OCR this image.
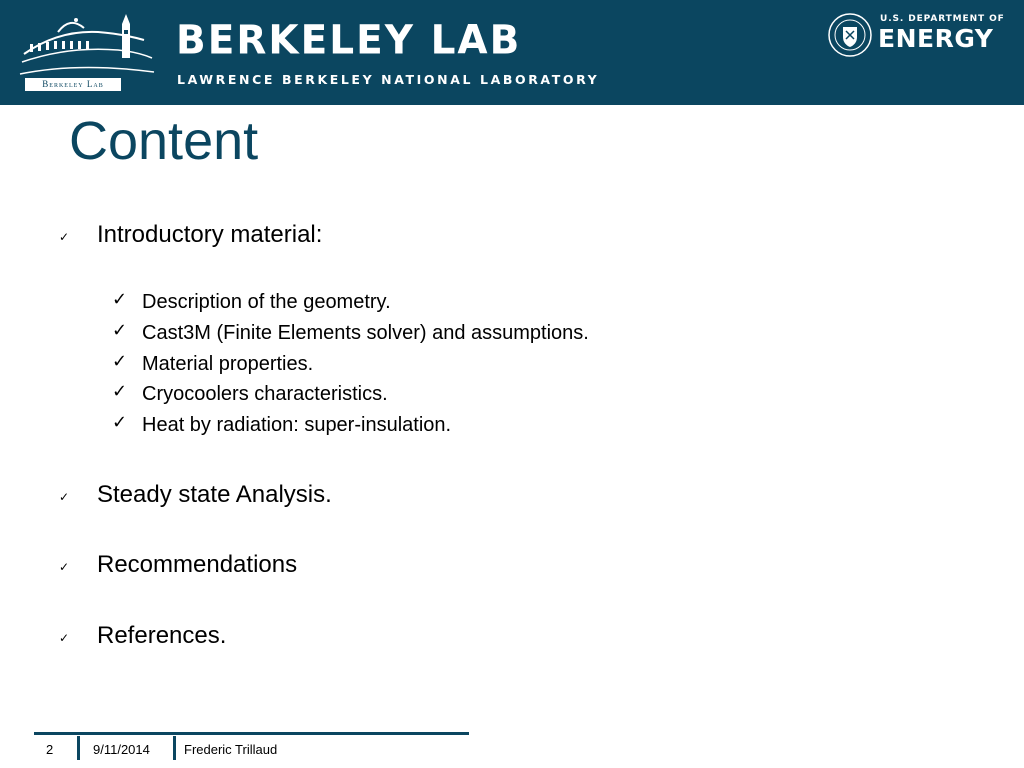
Berkeley Lab
BERKELEY LAB
LAWRENCE BERKELEY NATIONAL LABORATORY
U.S. DEPARTMENT OF
ENERGY
Content
✓ Introductory material:
✓ Description of the geometry.
✓ Cast3M (Finite Elements solver) and assumptions.
✓ Material properties.
✓ Cryocoolers characteristics.
✓ Heat by radiation: super-insulation.
✓ Steady state Analysis.
✓ Recommendations
✓ References.
2	9/11/2014	Frederic Trillaud
